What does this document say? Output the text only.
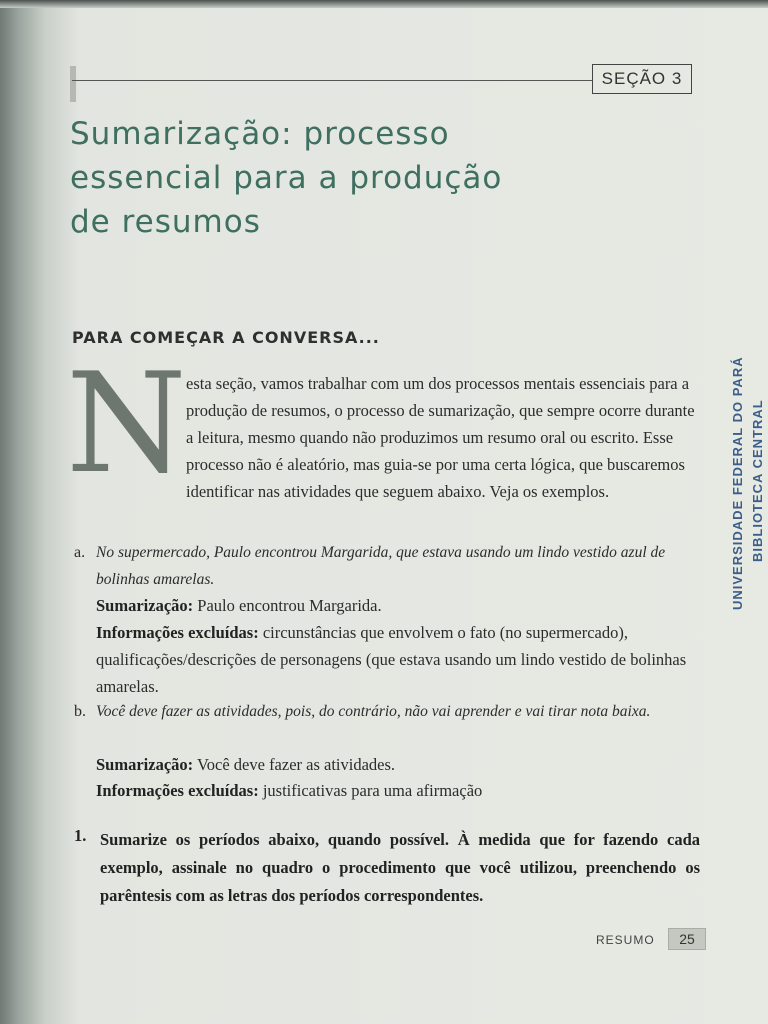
SEÇÃO 3
Sumarização: processo
essencial para a produção
de resumos
PARA COMEÇAR A CONVERSA...
N esta seção, vamos trabalhar com um dos processos mentais essenciais para a produção de resumos, o processo de sumarização, que sempre ocorre durante a leitura, mesmo quando não produzimos um resumo oral ou escrito. Esse processo não é aleatório, mas guia-se por uma certa lógica, que buscaremos identificar nas atividades que seguem abaixo. Veja os exemplos.

a. No supermercado, Paulo encontrou Margarida, que estava usando um lindo vestido azul de bolinhas amarelas.

Sumarização: Paulo encontrou Margarida.

Informações excluídas: circunstâncias que envolvem o fato (no supermercado), qualificações/descrições de personagens (que estava usando um lindo vestido de bolinhas amarelas.

b. Você deve fazer as atividades, pois, do contrário, não vai aprender e vai tirar nota baixa.

Sumarização: Você deve fazer as atividades.
Informações excluídas: justificativas para uma afirmação
1. Sumarize os períodos abaixo, quando possível. À medida que for fazendo cada exemplo, assinale no quadro o procedimento que você utilizou, preenchendo os parêntesis com as letras dos períodos correspondentes.

RESUMO	25
UNIVERSIDADE FEDERAL DO PARÁ BIBLIOTECA CENTRAL
